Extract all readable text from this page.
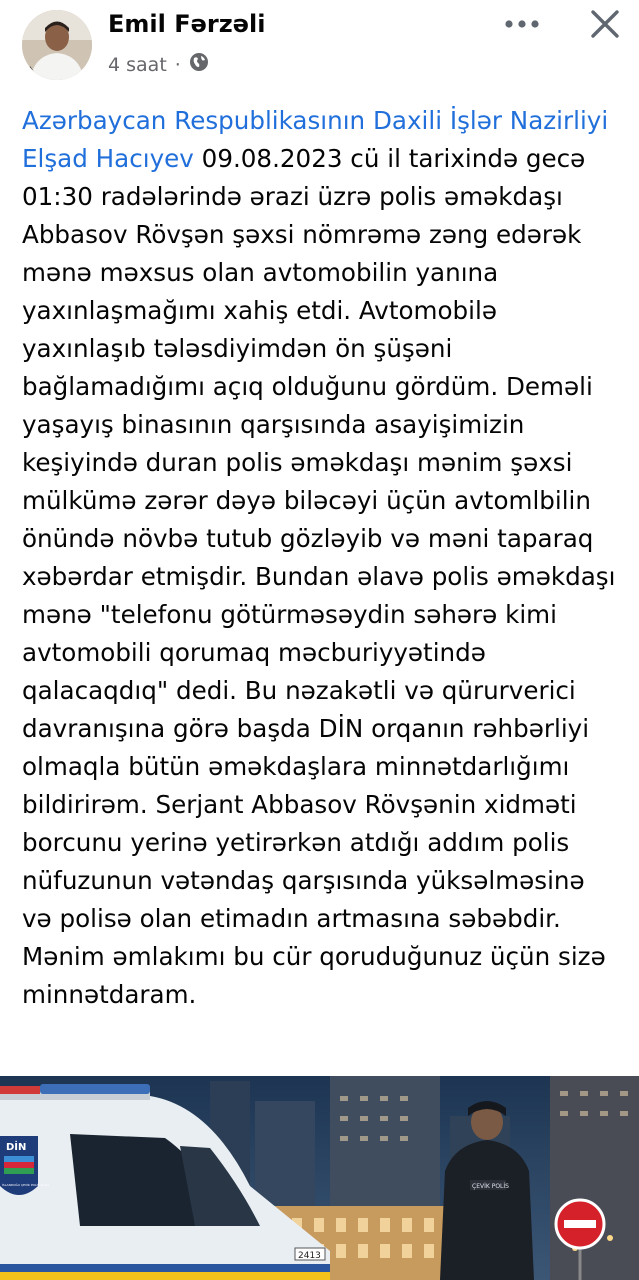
Emil Fərzəli
4 saat ·

Azərbaycan Respublikasının Daxili İşlər Nazirliyi  Elşad Hacıyev 09.08.2023 cü il tarixində gecə 01:30 radələrində ərazi üzrə polis əməkdaşı Abbasov Rövşən şəxsi nömrəmə zəng edərək mənə məxsus olan avtomobilin yanına yaxınlaşmağımı xahiş etdi. Avtomobilə yaxınlaşıb tələsdiyimdən ön şüşəni bağlamadığımı açıq olduğunu gördüm. Deməli yaşayış binasının qarşısında asayişimizin keşiyində duran polis əməkdaşı mənim şəxsi mülkümə zərər dəyə biləcəyi üçün avtomlbilin önündə növbə tutub gözləyib və məni taparaq xəbərdar etmişdir. Bundan əlavə polis əməkdaşı mənə "telefonu götürməsəydin səhərə kimi avtomobili qorumaq məcburiyyətində qalacaqdıq" dedi. Bu nəzakətli və qürurverici davranışına görə başda DİN orqanın rəhbərliyi olmaqla bütün əməkdaşlara minnətdarlığımı bildirirəm. Serjant Abbasov Rövşənin xidməti borcunu yerinə yetirərkən atdığı addım polis nüfuzunun vətəndaş qarşısında yüksəlməsinə və polisə olan etimadın artmasına səbəbdir. Mənim əmlakımı bu cür qoruduğunuz üçün sizə minnətdaram.

2413
DİN
İSLANDOĞU ÇEVİK POLİS ALAYI	ÇEVİK POLİS
